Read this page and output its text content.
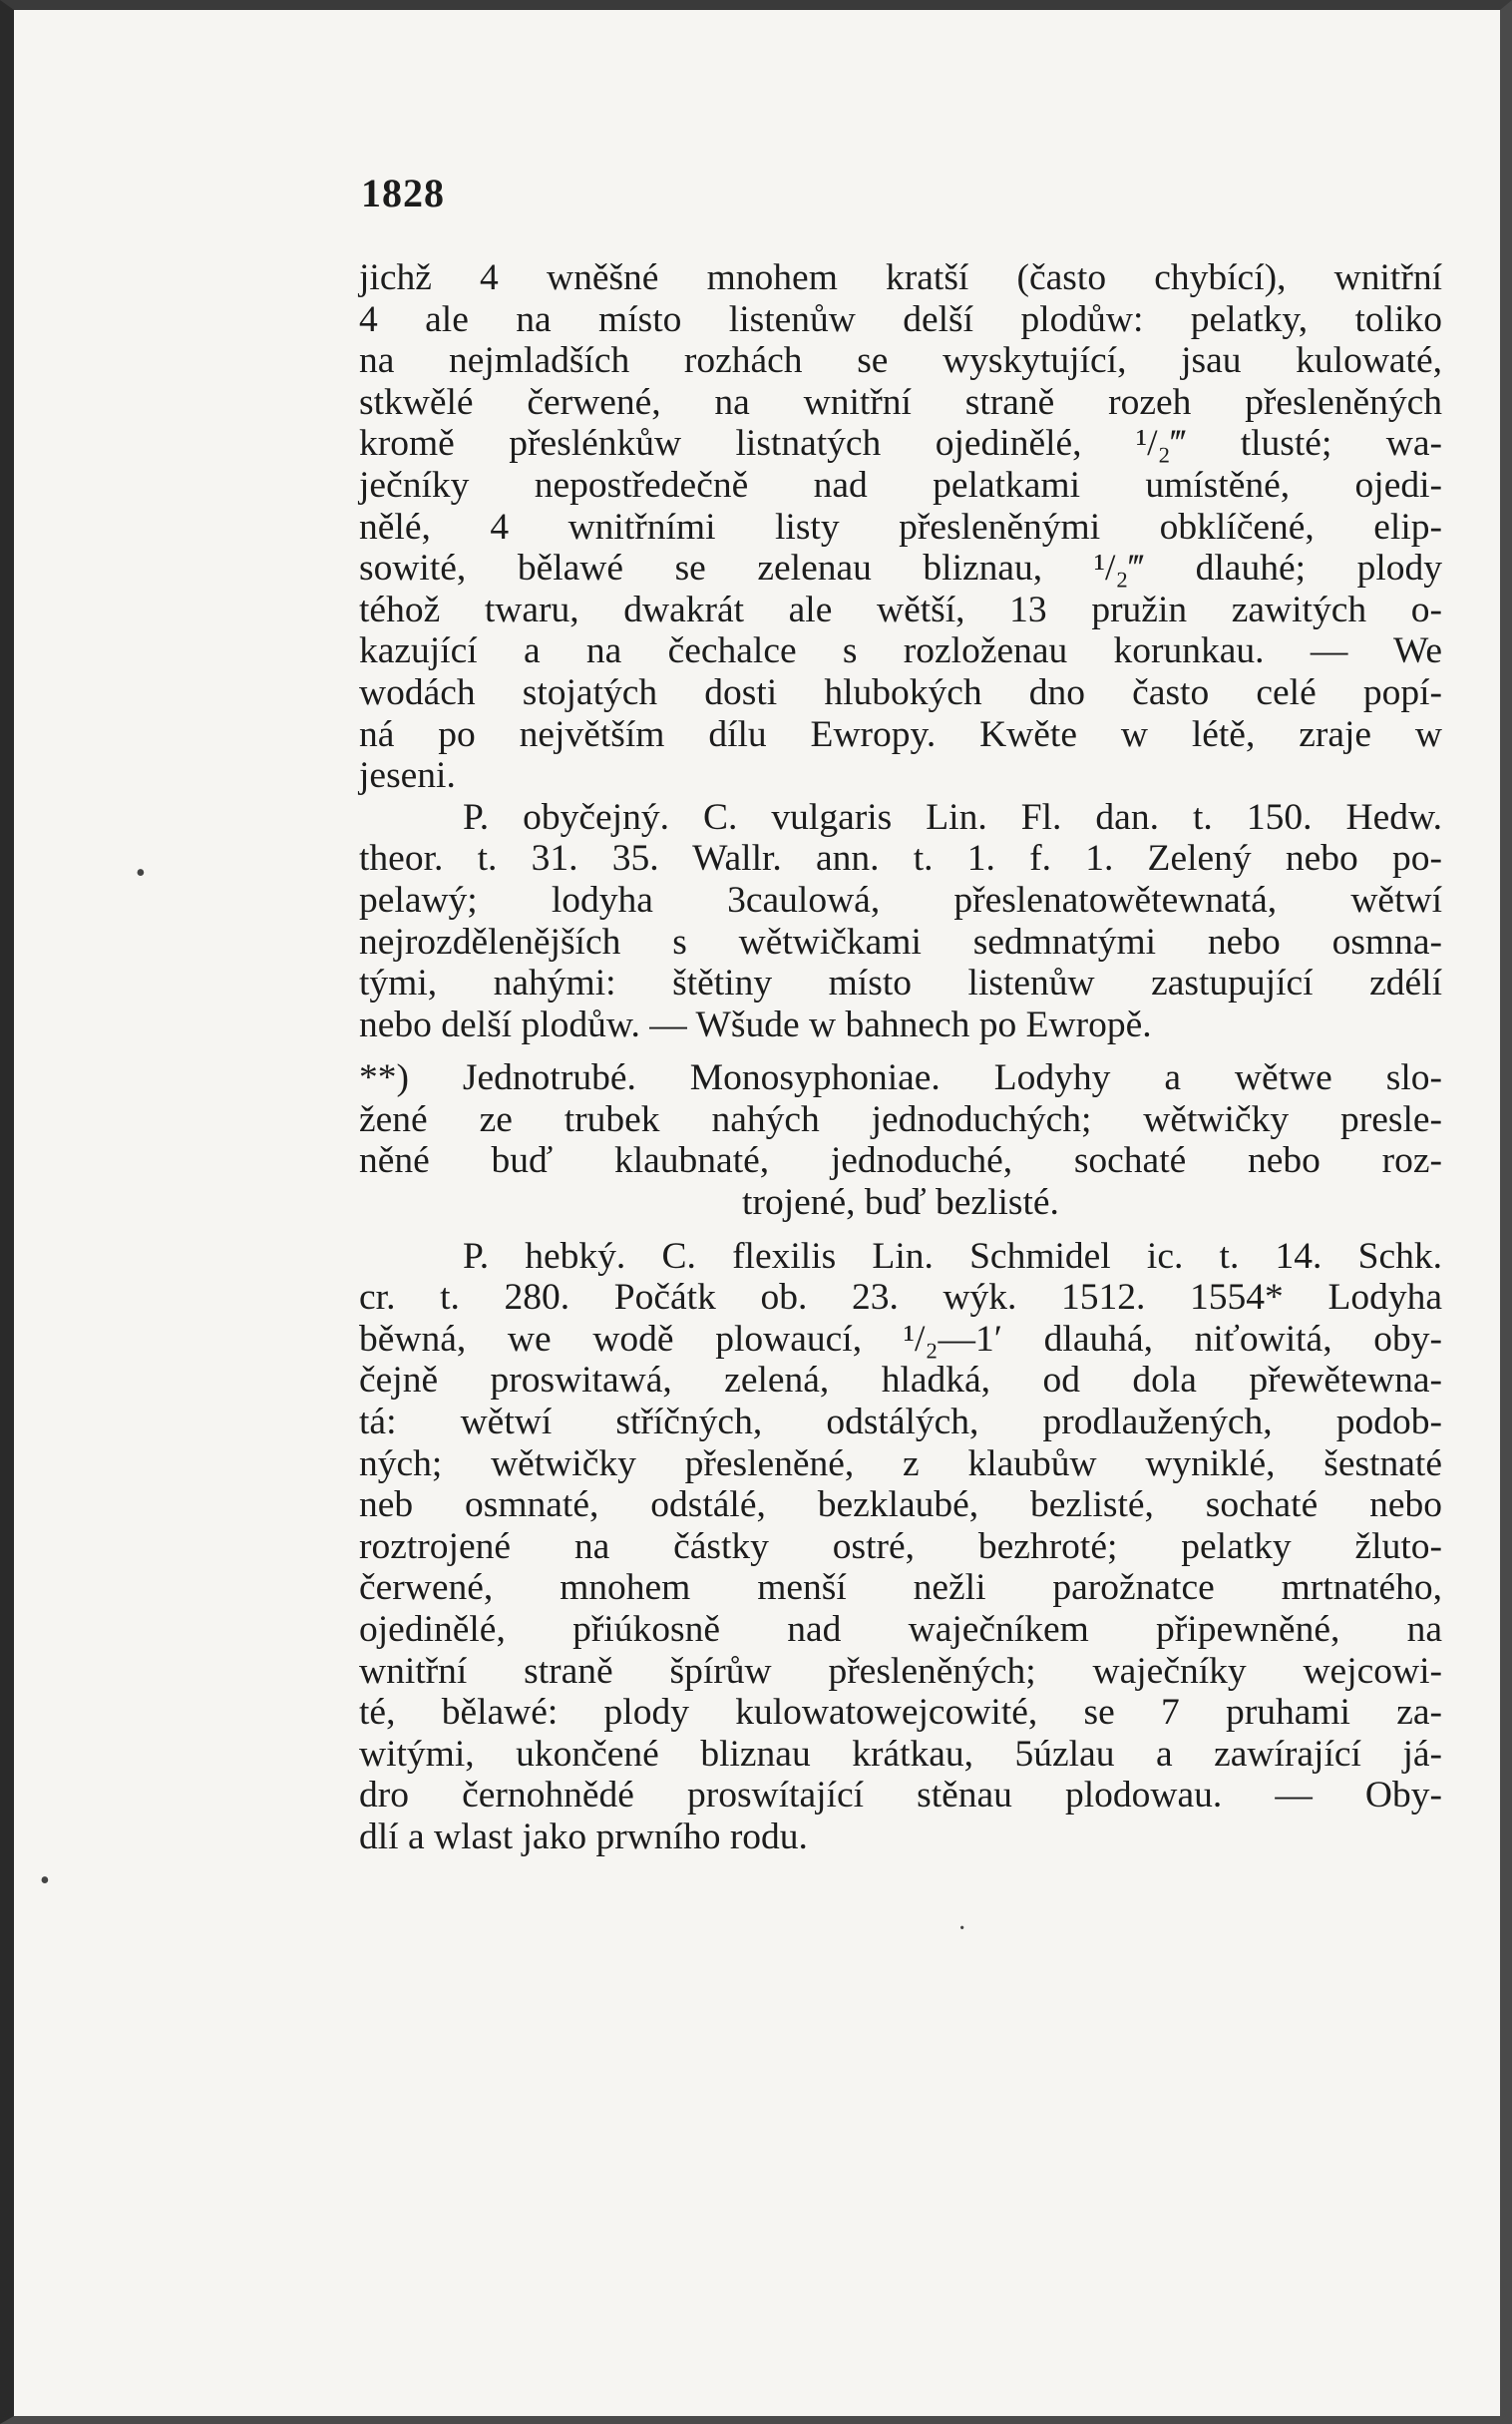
1828
jichž 4 wněšné mnohem kratší (často chybící), wnitřní
4 ale na místo listenůw delší plodůw: pelatky, toliko
na nejmladších rozhách se wyskytující, jsau kulowaté,
stkwělé čerwené, na wnitřní straně rozeh přesleněných
kromě přeslénkůw listnatých ojedinělé, ¹/₂‴ tlusté; wa-
ječníky nepostředečně nad pelatkami umístěné, ojedi-
nělé, 4 wnitřními listy přesleněnými obklíčené, elip-
sowité, bělawé se zelenau bliznau, ¹/₂‴ dlauhé; plody
téhož twaru, dwakrát ale wětší, 13 pružin zawitých o-
kazující a na čechalce s rozloženau korunkau. — We
wodách stojatých dosti hlubokých dno často celé popí-
ná po největším dílu Ewropy. Kwěte w létě, zraje w
jeseni.
P. obyčejný. C. vulgaris Lin. Fl. dan. t. 150. Hedw.
theor. t. 31. 35. Wallr. ann. t. 1. f. 1. Zelený nebo po-
pelawý; lodyha 3caulowá, přeslenatowětewnatá, wětwí
nejrozdělenějších s wětwičkami sedmnatými nebo osmna-
tými, nahými: štětiny místo listenůw zastupující zdélí
nebo delší plodůw. — Wšude w bahnech po Ewropě.
**) Jednotrubé. Monosyphoniae. Lodyhy a wětwe slo-
žené ze trubek nahých jednoduchých; wětwičky presle-
něné buď klaubnaté, jednoduché, sochaté nebo roz-
trojené, buď bezlisté.
P. hebký. C. flexilis Lin. Schmidel ic. t. 14. Schk.
cr. t. 280. Počátk ob. 23. wýk. 1512. 1554* Lodyha
běwná, we wodě plowaucí, ¹/₂—1′ dlauhá, niťowitá, oby-
čejně proswitawá, zelená, hladká, od dola přewětewna-
tá: wětwí stříčných, odstálých, prodlaužených, podob-
ných; wětwičky přesleněné, z klaubůw wyniklé, šestnaté
neb osmnaté, odstálé, bezklaubé, bezlisté, sochaté nebo
roztrojené na částky ostré, bezhroté; pelatky žluto-
čerwené, mnohem menší nežli parožnatce mrtnatého,
ojedinělé, přiúkosně nad waječníkem připewněné, na
wnitřní straně špírůw přesleněných; waječníky wejcowi-
té, bělawé: plody kulowatowejcowité, se 7 pruhami za-
witými, ukončené bliznau krátkau, 5úzlau a zawírající já-
dro černohnědé proswítající stěnau plodowau. — Oby-
dlí a wlast jako prwního rodu.
•
•
·
